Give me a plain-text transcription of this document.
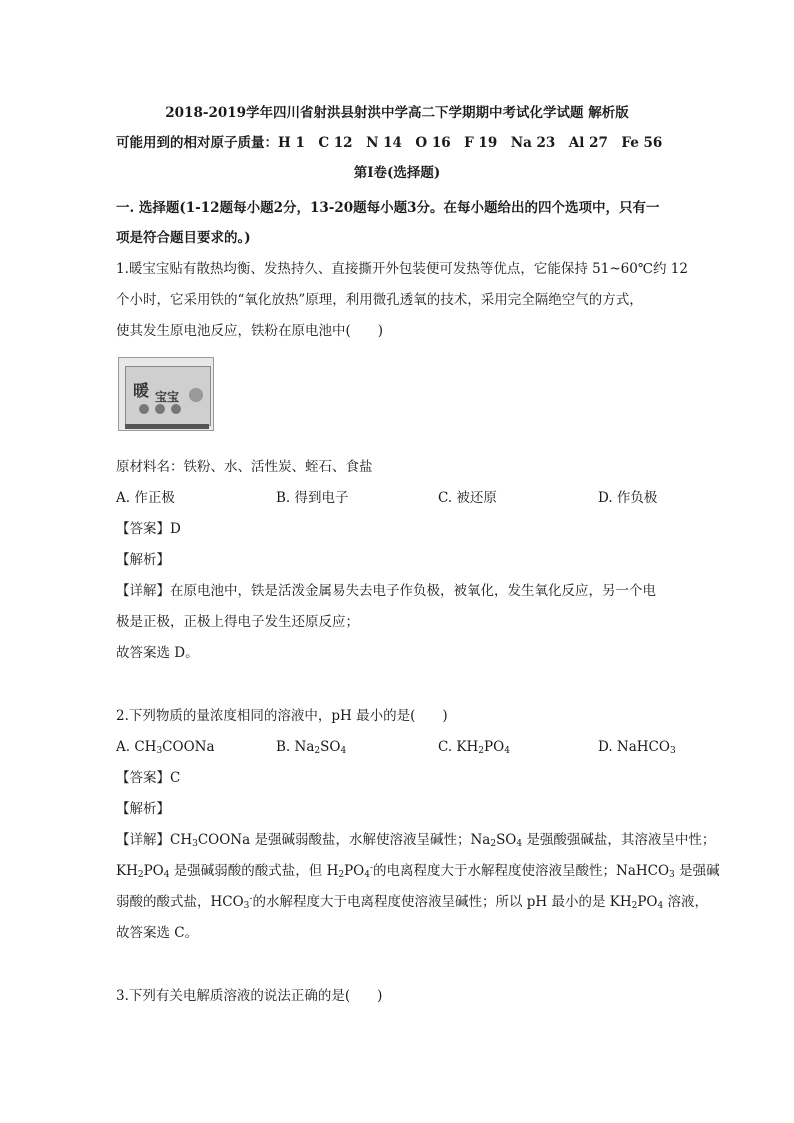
2018-2019学年四川省射洪县射洪中学高二下学期期中考试化学试题 解析版
可能用到的相对原子质量：H 1　C 12　N 14　O 16　F 19　Na 23　Al 27　Fe 56
第Ⅰ卷(选择题)
一. 选择题(1-12题每小题2分，13-20题每小题3分。在每小题给出的四个选项中，只有一
项是符合题目要求的。)
1.暖宝宝贴有散热均衡、发热持久、直接撕开外包装便可发热等优点，它能保持 51~60℃约 12
个小时，它采用铁的“氧化放热”原理，利用微孔透氧的技术，采用完全隔绝空气的方式，
使其发生原电池反应，铁粉在原电池中(　　)
暖 宝宝
原材料名：铁粉、水、活性炭、蛭石、食盐
A. 作正极	B. 得到电子	C. 被还原	D. 作负极
【答案】D
【解析】
【详解】在原电池中，铁是活泼金属易失去电子作负极，被氧化，发生氧化反应，另一个电
极是正极，正极上得电子发生还原反应；
故答案选 D。
2.下列物质的量浓度相同的溶液中，pH 最小的是(　　)
A. $CH_3COONa$	B. $Na_2SO_4$	C. $KH_2PO_4$	D. NaHCO$_3$
【答案】C
【解析】
【详解】$CH_3COONa$ 是强碱弱酸盐，水解使溶液呈碱性；$Na_2SO_4$ 是强酸强碱盐，其溶液呈中性；
$KH_2PO_4$ 是强碱弱酸的酸式盐，但 $H_2PO_4^-$的电离程度大于水解程度使溶液呈酸性；NaHCO$_3$ 是强碱
弱酸的酸式盐，$HCO_3^-$的水解程度大于电离程度使溶液呈碱性；所以 pH 最小的是 $KH_2PO_4$ 溶液，
故答案选 C。
3.下列有关电解质溶液的说法正确的是(　　)
